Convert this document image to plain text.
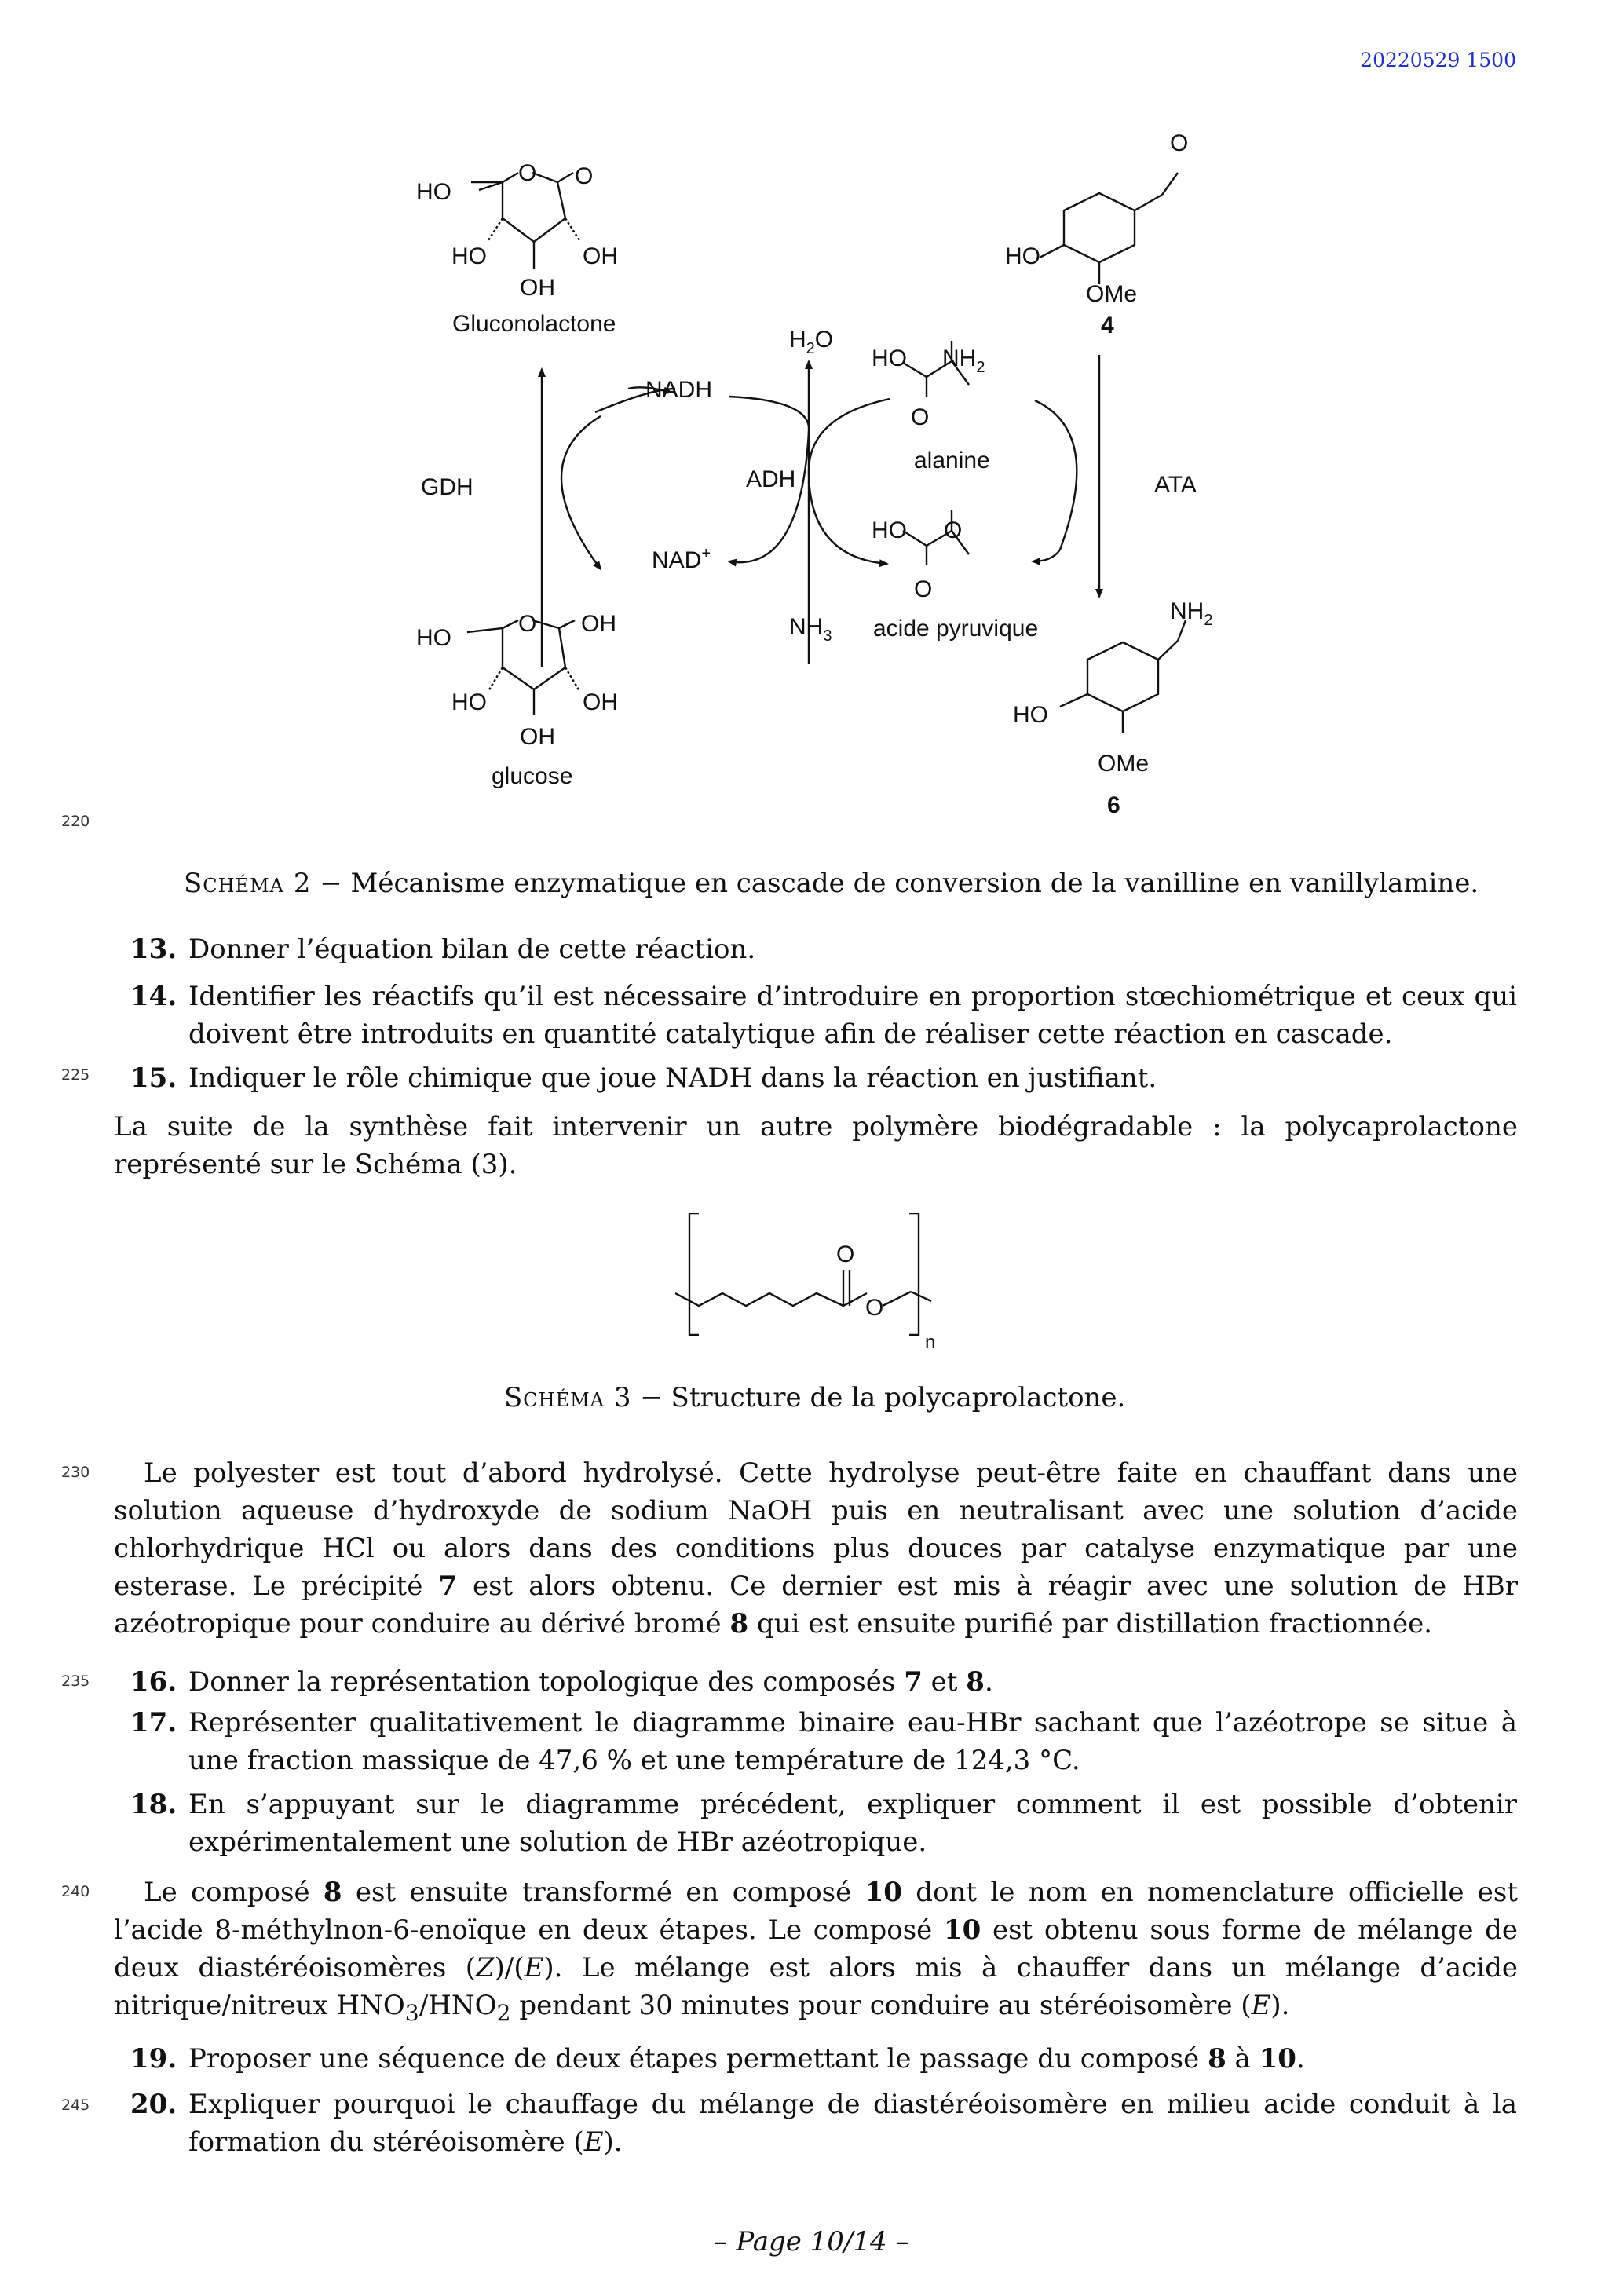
20220529 1500
HO
O O
HO	OH
OH
Gluconolactone
GDH
NADH
NAD+
ADH
$H_2O$
$NH_3$
HO $NH_2$
O
alanine
HO O
O
acide pyruvique
HO
O OH
HO	OH
OH
glucose
O
HO
OMe
4
ATA
$NH_2$
HO
OMe
6
220
Schéma 2 − Mécanisme enzymatique en cascade de conversion de la vanilline en vanillylamine.
13. Donner l’équation bilan de cette réaction.
14. Identifier les réactifs qu’il est nécessaire d’introduire en proportion stœchiométrique et ceux qui doivent être introduits en quantité catalytique afin de réaliser cette réaction en cascade.
225 15. Indiquer le rôle chimique que joue NADH dans la réaction en justifiant.
La suite de la synthèse fait intervenir un autre polymère biodégradable : la polycaprolactone représenté sur le Schéma (3).
O
O
n
Schéma 3 − Structure de la polycaprolactone.
230	Le polyester est tout d’abord hydrolysé. Cette hydrolyse peut-être faite en chauffant dans une solution aqueuse d’hydroxyde de sodium NaOH puis en neutralisant avec une solution d’acide chlorhydrique HCl ou alors dans des conditions plus douces par catalyse enzymatique par une esterase. Le précipité 7 est alors obtenu. Ce dernier est mis à réagir avec une solution de HBr azéotropique pour conduire au dérivé bromé 8 qui est ensuite purifié par distillation fractionnée.
235 16. Donner la représentation topologique des composés 7 et 8.
17. Représenter qualitativement le diagramme binaire eau-HBr sachant que l’azéotrope se situe à une fraction massique de 47,6 % et une température de 124,3 °C.
18. En s’appuyant sur le diagramme précédent, expliquer comment il est possible d’obtenir expérimentalement une solution de HBr azéotropique.
240	Le composé 8 est ensuite transformé en composé 10 dont le nom en nomenclature officielle est l’acide 8-méthylnon-6-enoïque en deux étapes. Le composé 10 est obtenu sous forme de mélange de deux diastéréoisomères (Z)/(E). Le mélange est alors mis à chauffer dans un mélange d’acide nitrique/nitreux $HNO_3/HNO_2$ pendant 30 minutes pour conduire au stéréoisomère (E).
19. Proposer une séquence de deux étapes permettant le passage du composé 8 à 10.
245 20. Expliquer pourquoi le chauffage du mélange de diastéréoisomère en milieu acide conduit à la formation du stéréoisomère (E).
– Page 10/14 –
